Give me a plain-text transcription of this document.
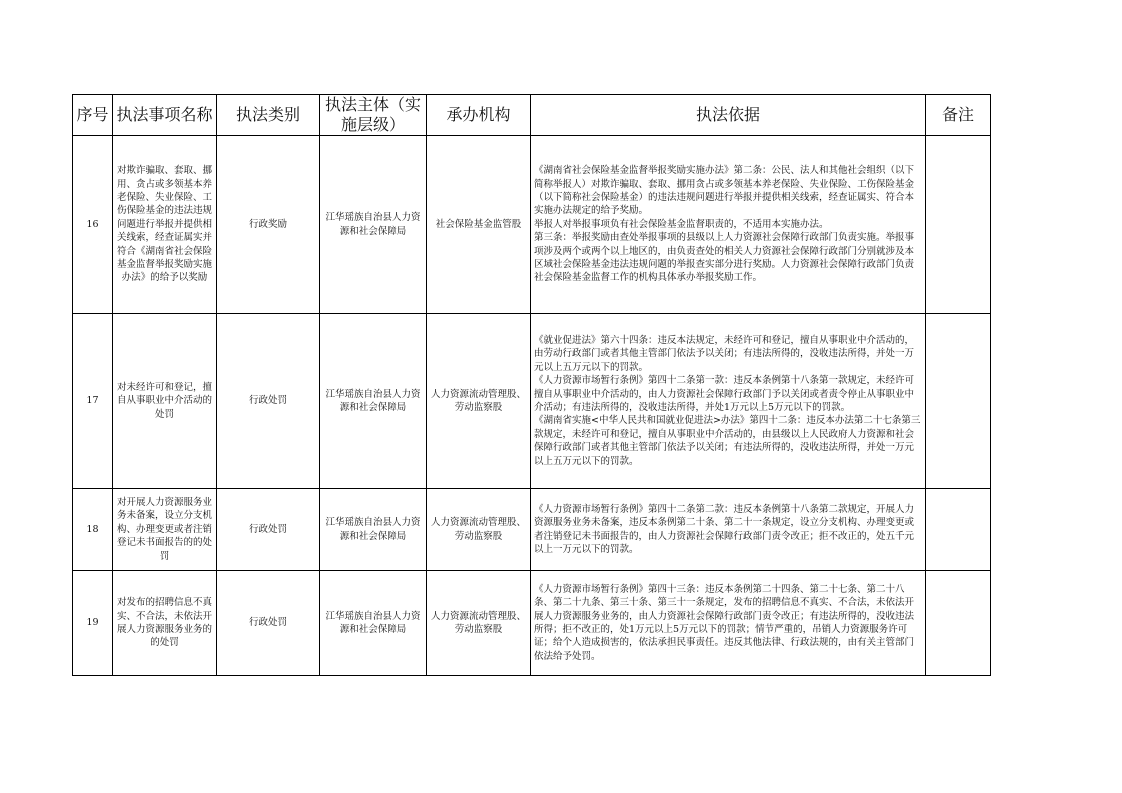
序号	执法事项名称	执法类别	执法主体（实施层级）	承办机构	执法依据	备注
16	对欺诈骗取、套取、挪用、贪占或多领基本养老保险、失业保险、工伤保险基金的违法违规问题进行举报并提供相关线索，经查证属实并符合《湖南省社会保险基金监督举报奖励实施办法》的给予以奖励	行政奖励	江华瑶族自治县人力资源和社会保障局	社会保险基金监管股	《湖南省社会保险基金监督举报奖励实施办法》第二条：公民、法人和其他社会组织（以下简称举报人）对欺诈骗取、套取、挪用贪占或多领基本养老保险、失业保险、工伤保险基金（以下简称社会保险基金）的违法违规问题进行举报并提供相关线索，经查证属实、符合本实施办法规定的给予奖励。

举报人对举报事项负有社会保险基金监督职责的，不适用本实施办法。

第三条：举报奖励由查处举报事项的县级以上人力资源社会保障行政部门负责实施。举报事项涉及两个或两个以上地区的，由负责查处的相关人力资源社会保障行政部门分别就涉及本区域社会保险基金违法违规问题的举报查实部分进行奖励。人力资源社会保障行政部门负责社会保险基金监督工作的机构具体承办举报奖励工作。	

17	对未经许可和登记，擅自从事职业中介活动的处罚	行政处罚	江华瑶族自治县人力资源和社会保障局	人力资源流动管理股、劳动监察股	《就业促进法》第六十四条：违反本法规定，未经许可和登记，擅自从事职业中介活动的，由劳动行政部门或者其他主管部门依法予以关闭；有违法所得的，没收违法所得，并处一万元以上五万元以下的罚款。

《人力资源市场暂行条例》第四十二条第一款：违反本条例第十八条第一款规定，未经许可擅自从事职业中介活动的，由人力资源社会保障行政部门予以关闭或者责令停止从事职业中介活动；有违法所得的，没收违法所得，并处1万元以上5万元以下的罚款。

《湖南省实施<中华人民共和国就业促进法>办法》第四十二条：违反本办法第二十七条第三款规定，未经许可和登记，擅自从事职业中介活动的，由县级以上人民政府人力资源和社会保障行政部门或者其他主管部门依法予以关闭；有违法所得的，没收违法所得，并处一万元以上五万元以下的罚款。	

18	对开展人力资源服务业务未备案，设立分支机构、办理变更或者注销登记未书面报告的的处罚	行政处罚	江华瑶族自治县人力资源和社会保障局	人力资源流动管理股、劳动监察股	《人力资源市场暂行条例》第四十二条第二款：违反本条例第十八条第二款规定，开展人力资源服务业务未备案，违反本条例第二十条、第二十一条规定，设立分支机构、办理变更或者注销登记未书面报告的，由人力资源社会保障行政部门责令改正；拒不改正的，处五千元以上一万元以下的罚款。	

19	对发布的招聘信息不真实、不合法，未依法开展人力资源服务业务的的处罚	行政处罚	江华瑶族自治县人力资源和社会保障局	人力资源流动管理股、劳动监察股	《人力资源市场暂行条例》第四十三条：违反本条例第二十四条、第二十七条、第二十八条、第二十九条、第三十条、第三十一条规定，发布的招聘信息不真实、不合法，未依法开展人力资源服务业务的，由人力资源社会保障行政部门责令改正；有违法所得的，没收违法所得；拒不改正的，处1万元以上5万元以下的罚款；情节严重的，吊销人力资源服务许可证；给个人造成损害的，依法承担民事责任。违反其他法律、行政法规的，由有关主管部门依法给予处罚。	
